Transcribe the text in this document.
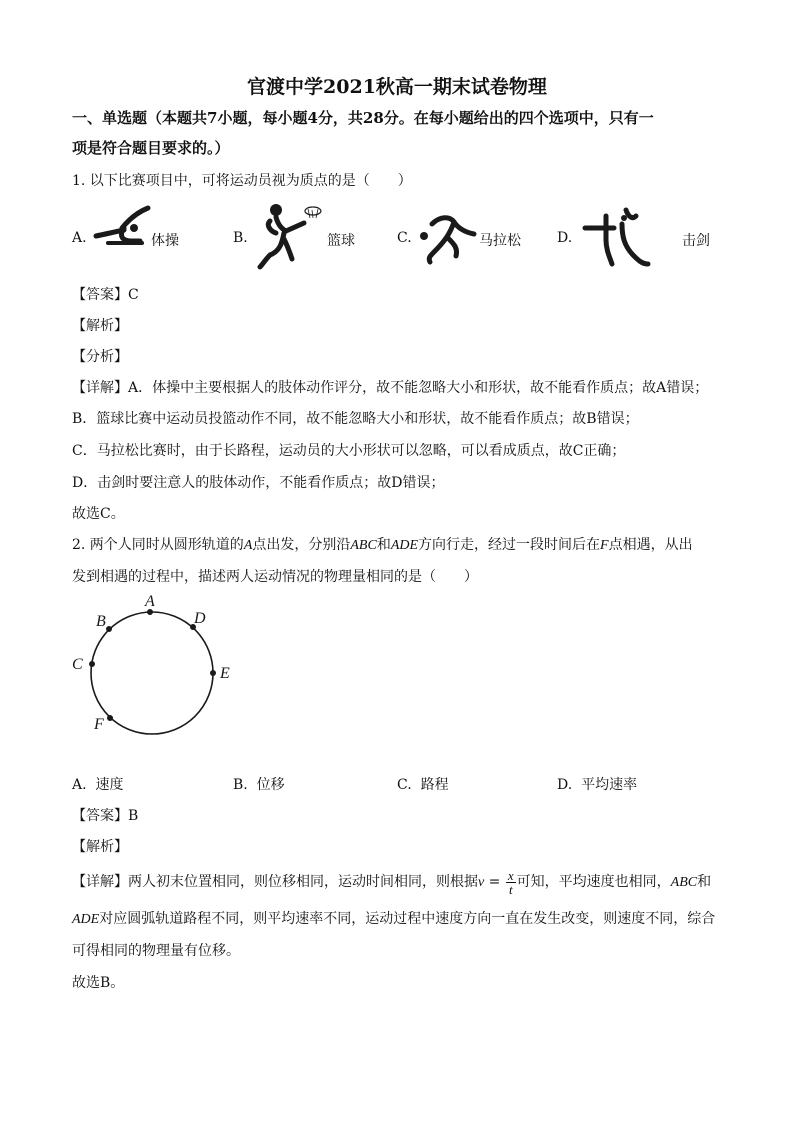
官渡中学2021秋高一期末试卷物理
一、单选题（本题共7小题，每小题4分，共28分。在每小题给出的四个选项中，只有一
项是符合题目要求的。）
1. 以下比赛项目中，可将运动员视为质点的是（　　）
A.	体操	B.	篮球	C.	马拉松	D.	击剑
【答案】C
【解析】
【分析】
【详解】A．体操中主要根据人的肢体动作评分，故不能忽略大小和形状，故不能看作质点；故A错误；
B．篮球比赛中运动员投篮动作不同，故不能忽略大小和形状，故不能看作质点；故B错误；
C．马拉松比赛时，由于长路程，运动员的大小形状可以忽略，可以看成质点，故C正确；
D．击剑时要注意人的肢体动作，不能看作质点；故D错误；
故选C。
2. 两个人同时从圆形轨道的A点出发，分别沿ABC和ADE方向行走，经过一段时间后在F点相遇，从出
发到相遇的过程中，描述两人运动情况的物理量相同的是（　　）
A
B
C
D
E
F
A. 速度	B. 位移	C. 路程	D. 平均速率
【答案】B
【解析】
【详解】两人初末位置相同，则位移相同，运动时间相同，则根据$v = \frac{x}{t}$ 可知，平均速度也相同，ABC和
ADE对应圆弧轨道路程不同，则平均速率不同，运动过程中速度方向一直在发生改变，则速度不同，综合
可得相同的物理量有位移。
故选B。
